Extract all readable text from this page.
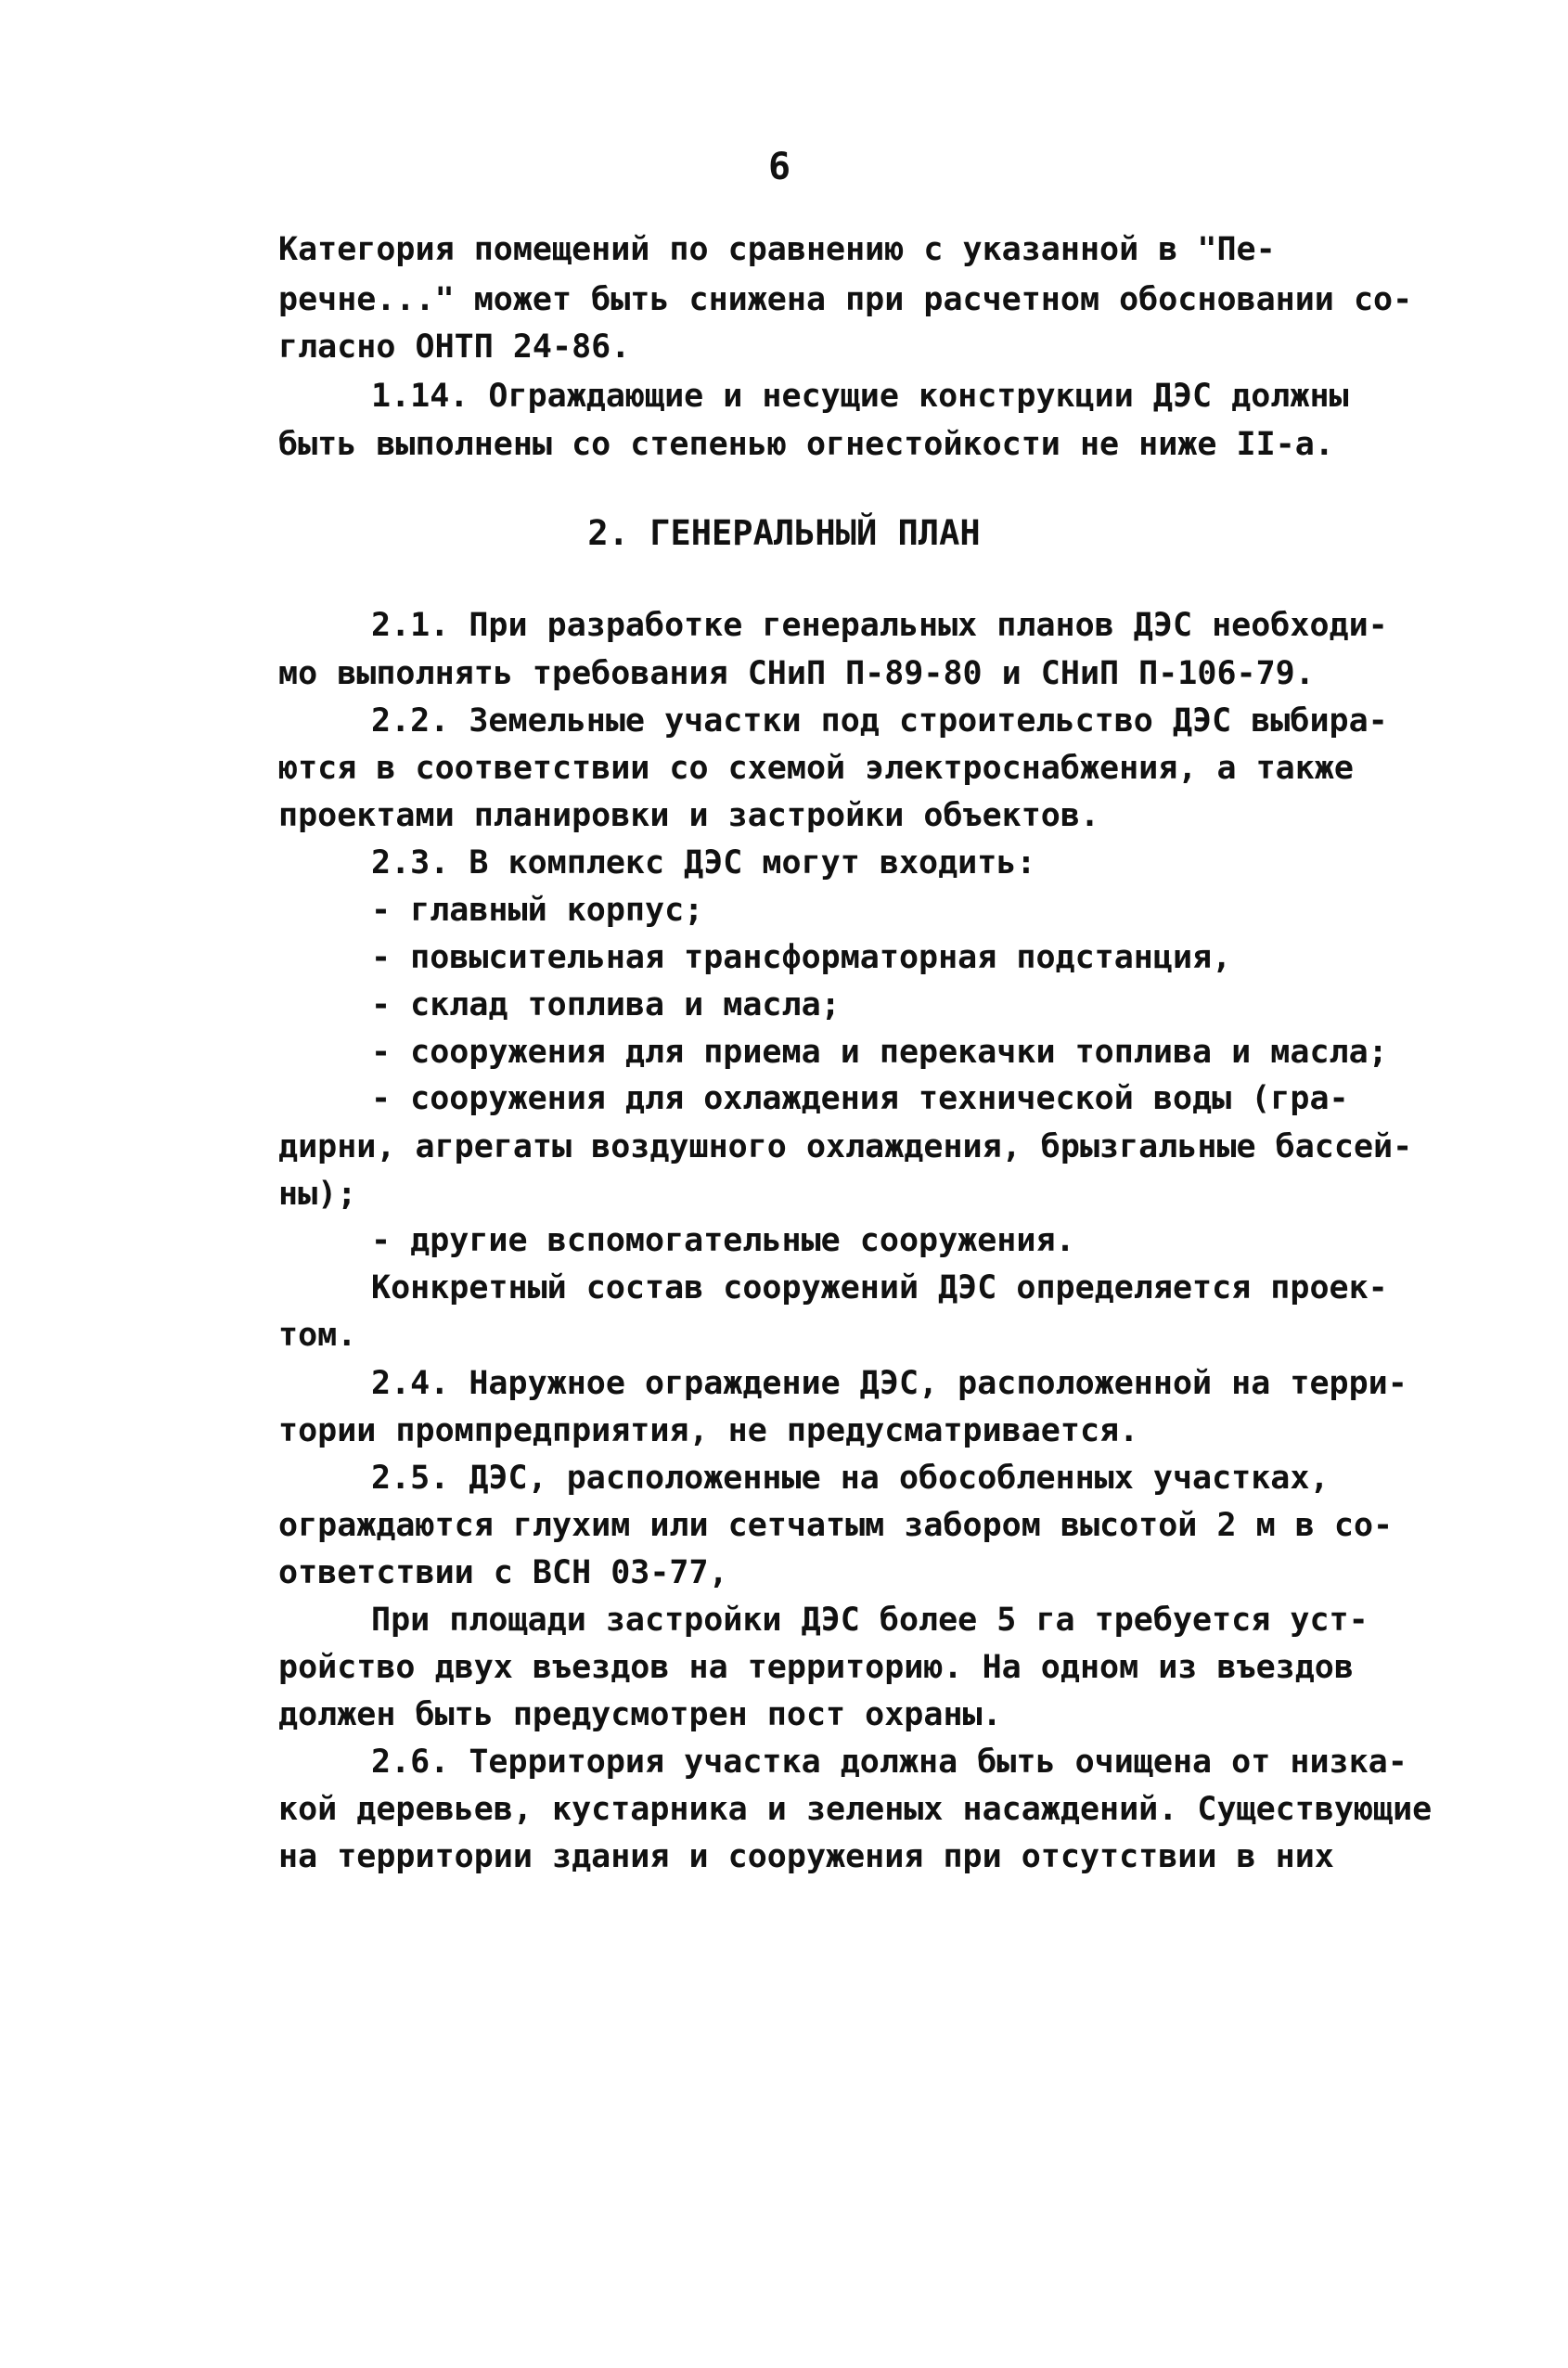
6
Категория помещений по сравнению с указанной в "Пе-
речне..." может быть снижена при расчетном обосновании со-
гласно ОНТП 24-86.
1.14. Ограждающие и несущие конструкции ДЭС должны
быть выполнены со степенью огнестойкости не ниже II-а.
2. ГЕНЕРАЛЬНЫЙ ПЛАН
2.1. При разработке генеральных планов ДЭС необходи-
мо выполнять требования СНиП П-89-80 и СНиП П-106-79.
2.2. Земельные участки под строительство ДЭС выбира-
ются в соответствии со схемой электроснабжения, а также
проектами планировки и застройки объектов.
2.3. В комплекс ДЭС могут входить:
- главный корпус;
- повысительная трансформаторная подстанция,
- склад топлива и масла;
- сооружения для приема и перекачки топлива и масла;
- сооружения для охлаждения технической воды (гра-
дирни, агрегаты воздушного охлаждения, брызгальные бассей-
ны);
- другие вспомогательные сооружения.
Конкретный состав сооружений ДЭС определяется проек-
том.
2.4. Наружное ограждение ДЭС, расположенной на терри-
тории промпредприятия, не предусматривается.
2.5. ДЭС, расположенные на обособленных участках,
ограждаются глухим или сетчатым забором высотой 2 м в со-
ответствии с ВСН 03-77,
При площади застройки ДЭС более 5 га требуется уст-
ройство двух въездов на территорию. На одном из въездов
должен быть предусмотрен пост охраны.
2.6. Территория участка должна быть очищена от низка-
кой деревьев, кустарника и зеленых насаждений. Существующие
на территории здания и сооружения при отсутствии в них
